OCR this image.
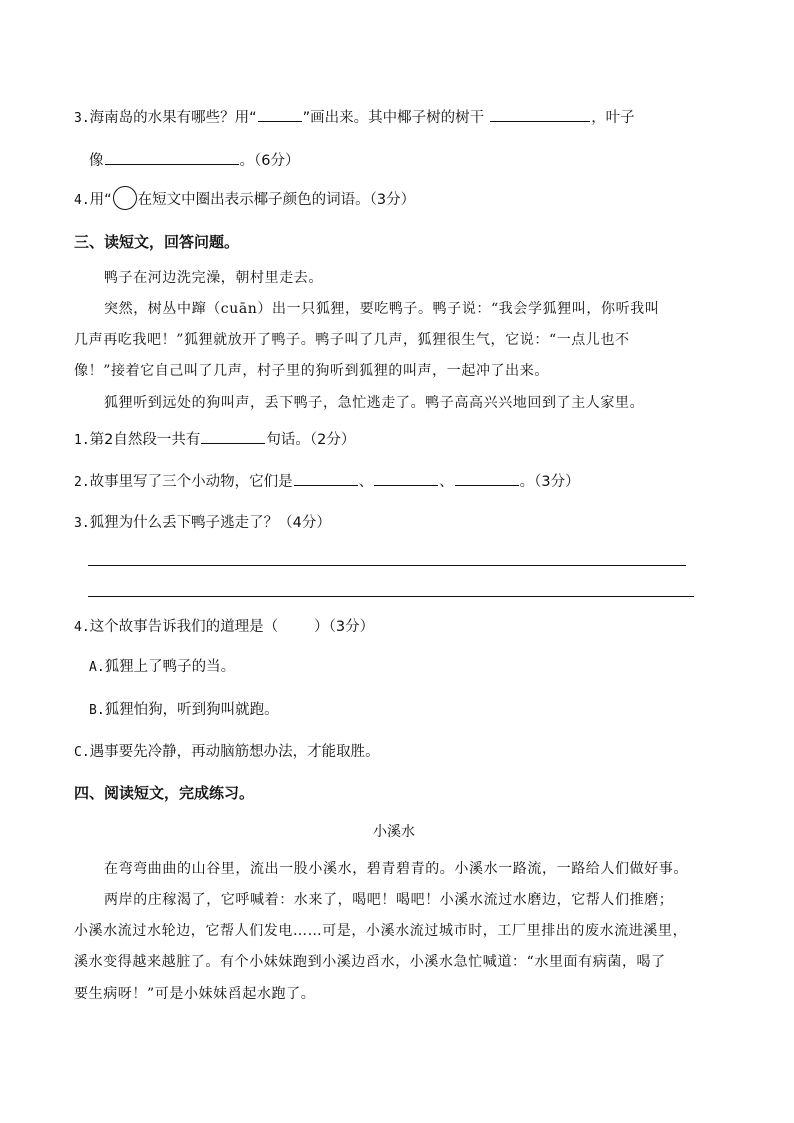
3.海南岛的水果有哪些？用“	”画出来。其中椰子树的树干	，叶子
像	。（6分）
4.用“ 在短文中圈出表示椰子颜色的词语。（3分）
三、读短文，回答问题。
鸭子在河边洗完澡，朝村里走去。
突然，树丛中蹿（cuān）出一只狐狸，要吃鸭子。鸭子说：“我会学狐狸叫，你听我叫
几声再吃我吧！”狐狸就放开了鸭子。鸭子叫了几声，狐狸很生气，它说：“一点儿也不
像！”接着它自己叫了几声，村子里的狗听到狐狸的叫声，一起冲了出来。
狐狸听到远处的狗叫声，丢下鸭子，急忙逃走了。鸭子高高兴兴地回到了主人家里。
1.第2自然段一共有	句话。（2分）
2.故事里写了三个小动物，它们是	、	、	。（3分）
3.狐狸为什么丢下鸭子逃走了？（4分）
4.这个故事告诉我们的道理是（ ）（3分）
A.狐狸上了鸭子的当。
B.狐狸怕狗，听到狗叫就跑。
C.遇事要先冷静，再动脑筋想办法，才能取胜。
四、阅读短文，完成练习。
小溪水
在弯弯曲曲的山谷里，流出一股小溪水，碧青碧青的。小溪水一路流，一路给人们做好事。
两岸的庄稼渴了，它呼喊着：水来了，喝吧！喝吧！小溪水流过水磨边，它帮人们推磨；
小溪水流过水轮边，它帮人们发电……可是，小溪水流过城市时，工厂里排出的废水流进溪里，
溪水变得越来越脏了。有个小妹妹跑到小溪边舀水，小溪水急忙喊道：“水里面有病菌，喝了
要生病呀！”可是小妹妹舀起水跑了。
